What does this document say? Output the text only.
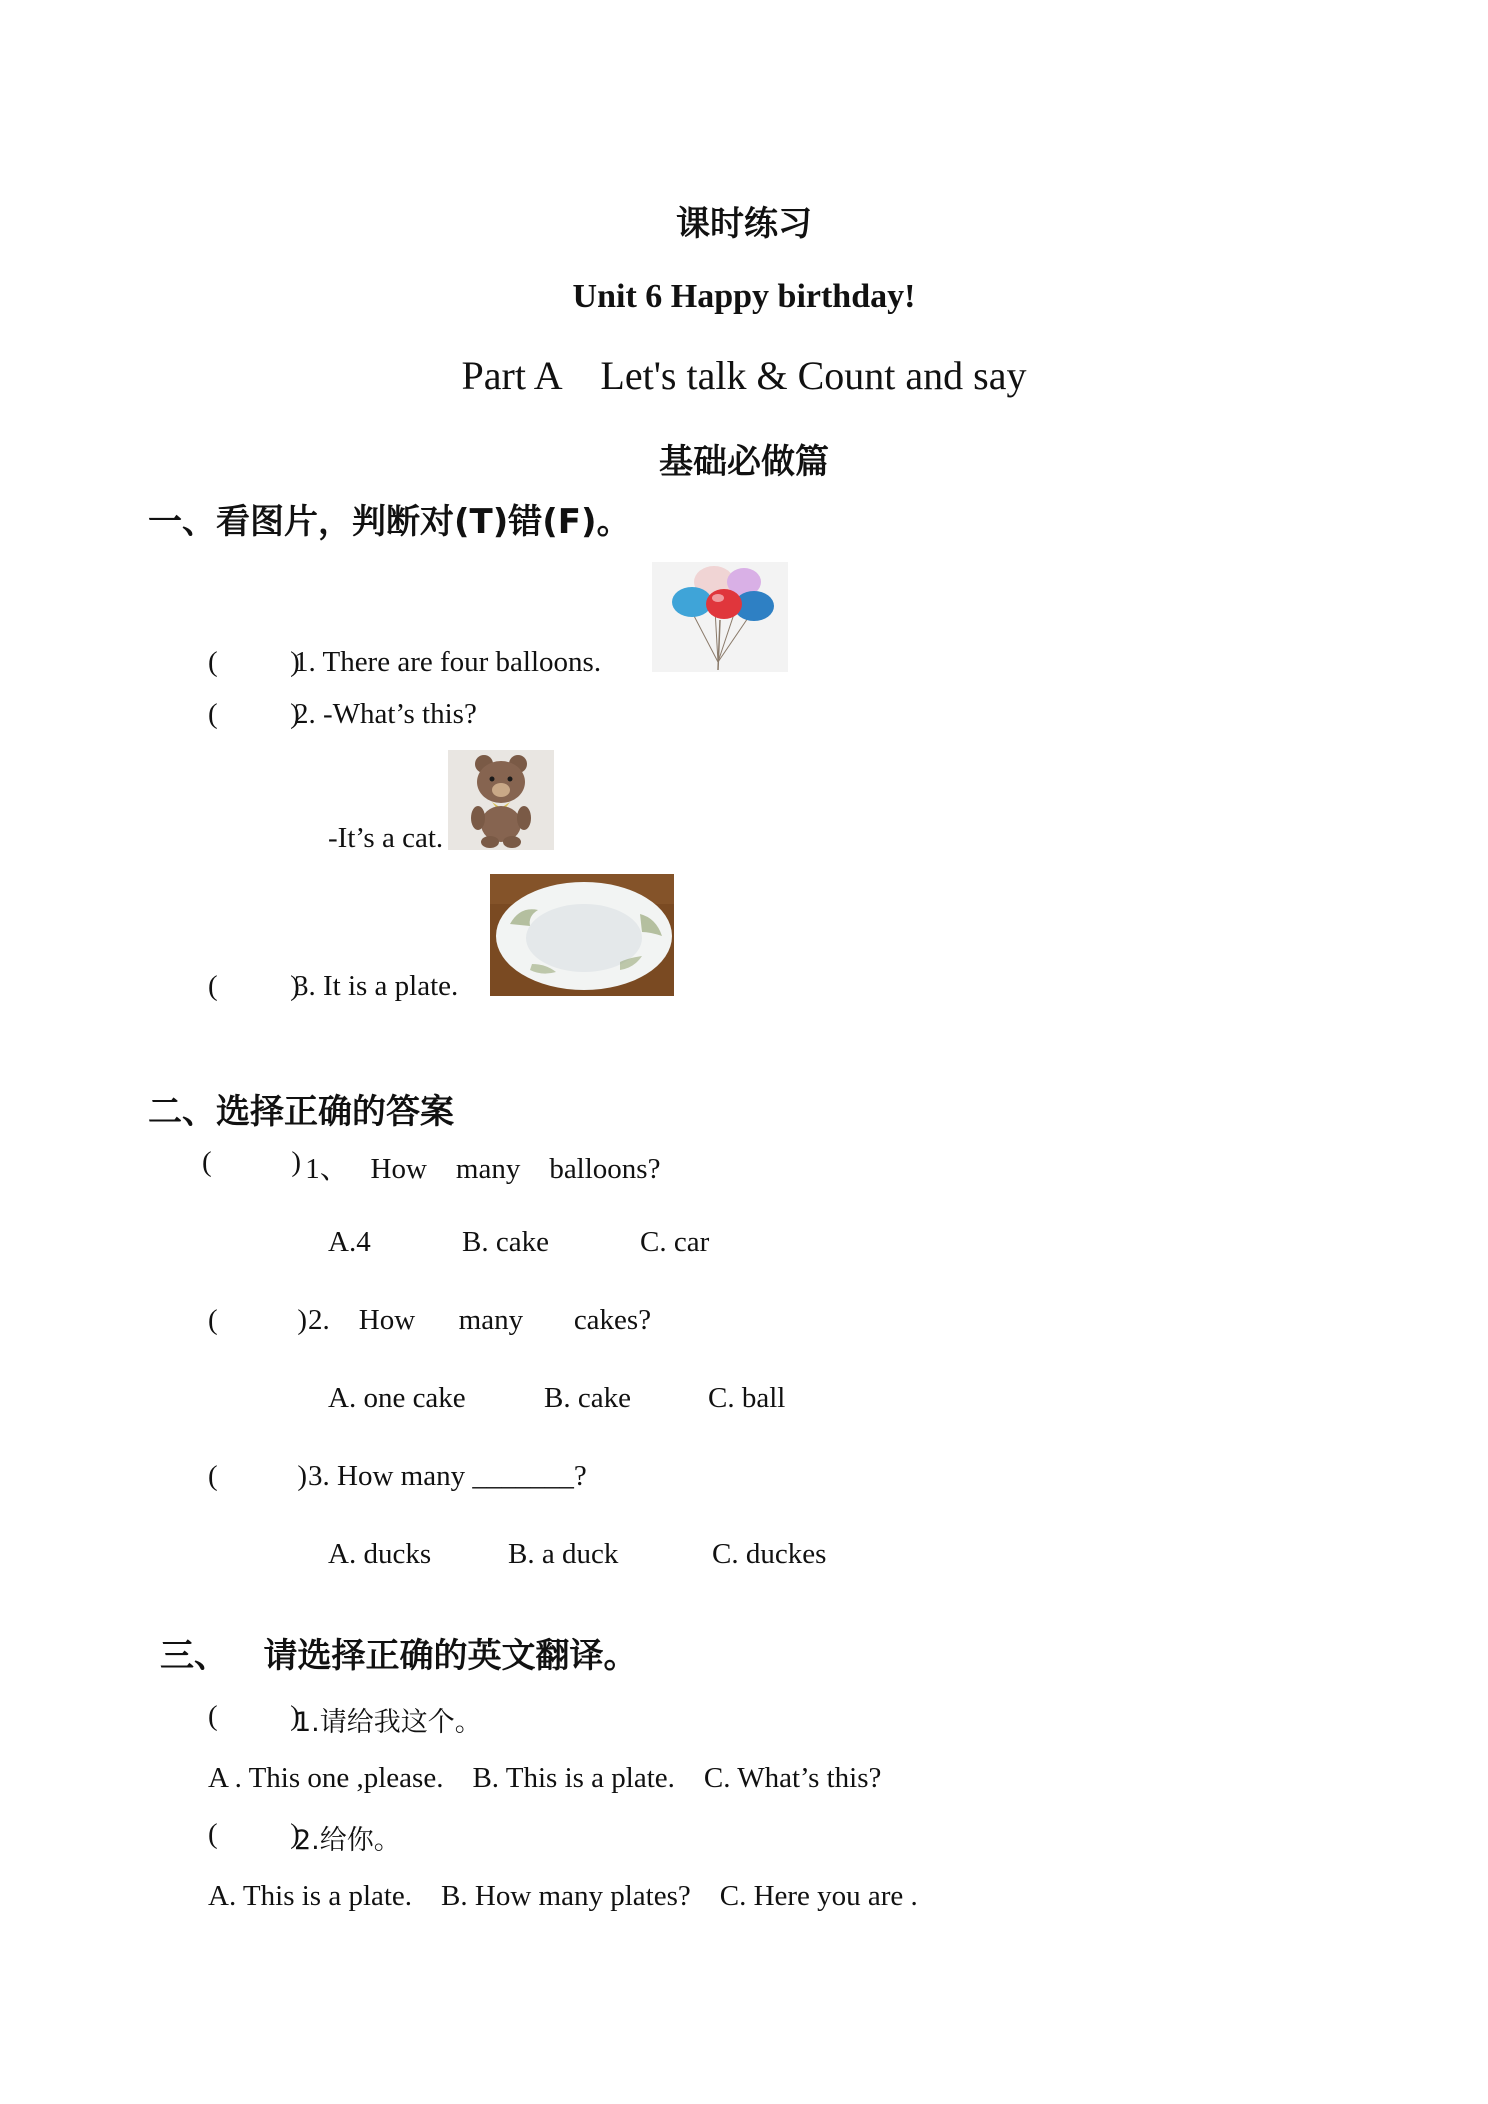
课时练习
Unit 6 Happy birthday!
Part A    Let's talk & Count and say
基础必做篇
一、看图片，判断对(T)错(F)。
(          )
1. There are four balloons.
(          )
2. -What’s this?
-It’s a cat.
(          )
3. It is a plate.
二、选择正确的答案
(           )
1、   How    many    balloons?
A.4	B. cake	C. car
(           ) 2.    How      many       cakes?
A. one cake	B. cake	C. ball
(           ) 3. How many _______?
A. ducks	B. a duck	C. duckes
三、   请选择正确的英文翻译。
(          )
1.请给我这个。
A . This one ,please.    B. This is a plate.    C. What’s this?
(          )
2.给你。
A. This is a plate.    B. How many plates?    C. Here you are .
